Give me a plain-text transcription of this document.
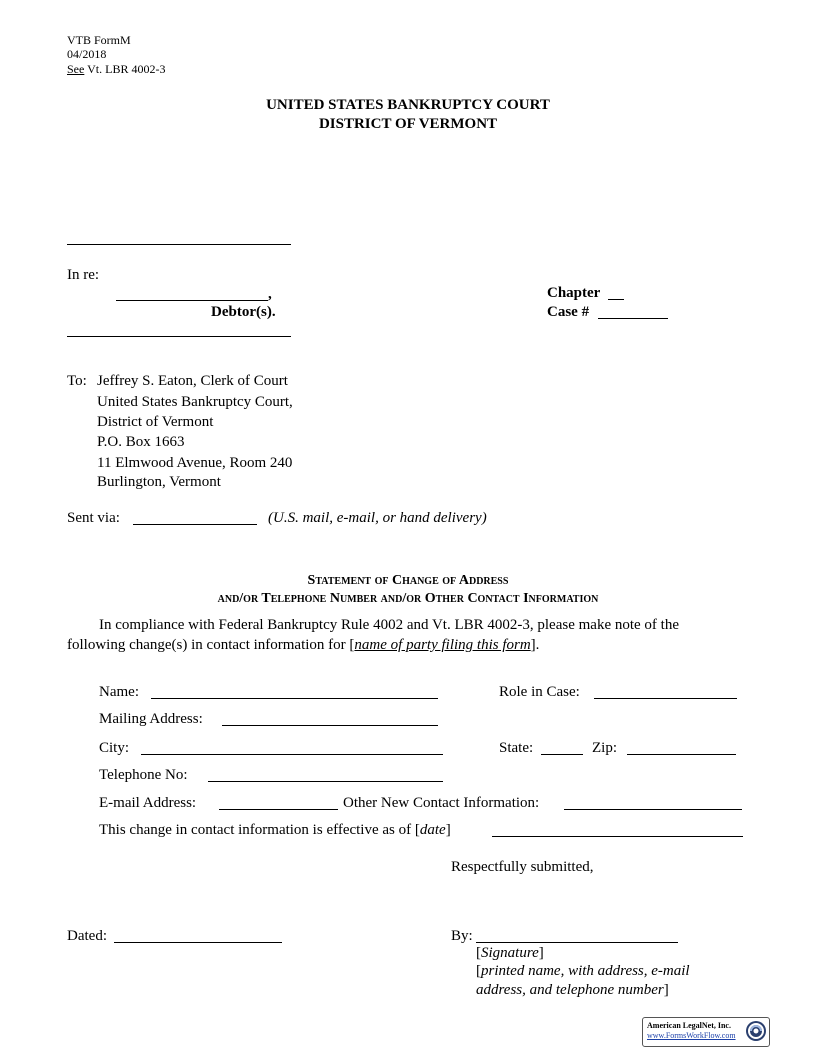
VTB FormM
04/2018
See Vt. LBR 4002-3
UNITED STATES BANKRUPTCY COURT
DISTRICT OF VERMONT
In re:
,
Debtor(s).
Chapter
Case #
To: Jeffrey S. Eaton, Clerk of Court
United States Bankruptcy Court,
District of Vermont
P.O. Box 1663
11 Elmwood Avenue, Room 240
Burlington, Vermont
Sent via:	(U.S. mail, e-mail, or hand delivery)
Statement of Change of Address
and/or Telephone Number and/or Other Contact Information
In compliance with Federal Bankruptcy Rule 4002 and Vt. LBR 4002-3, please make note of the
following change(s) in contact information for [name of party filing this form].
Name:	Role in Case:
Mailing Address:
City:	State:	Zip:
Telephone No:
E-mail Address:	Other New Contact Information:
This change in contact information is effective as of [date]
Respectfully submitted,
Dated:	By:
[Signature]
[printed name, with address, e-mail
address, and telephone number]
American LegalNet, Inc.
www.FormsWorkFlow.com
